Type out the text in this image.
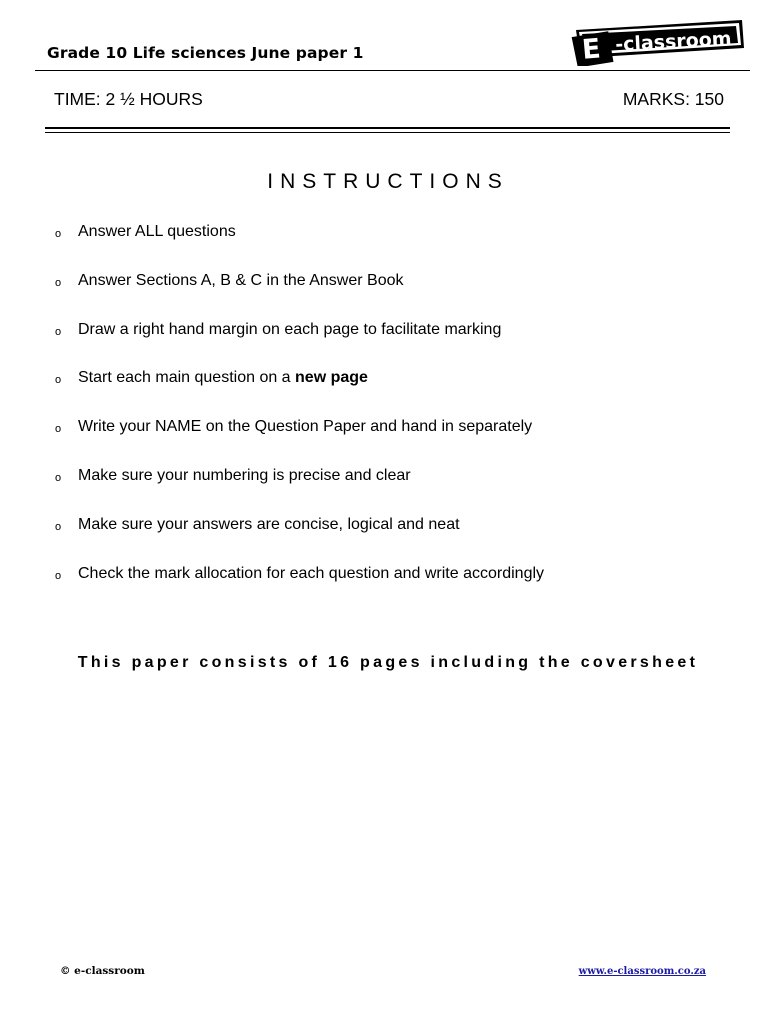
Grade 10 Life sciences June paper 1	E -classroom
TIME: 2 ½ HOURS	MARKS: 150
INSTRUCTIONS
o	Answer ALL questions
o	Answer Sections A, B & C in the Answer Book
o	Draw a right hand margin on each page to facilitate marking
o	Start each main question on a new page
o	Write your NAME on the Question Paper and hand in separately
o	Make sure your numbering is precise and clear
o	Make sure your answers are concise, logical and neat
o	Check the mark allocation for each question and write accordingly
This paper consists of 16 pages including the coversheet
© e-classroom	www.e-classroom.co.za
